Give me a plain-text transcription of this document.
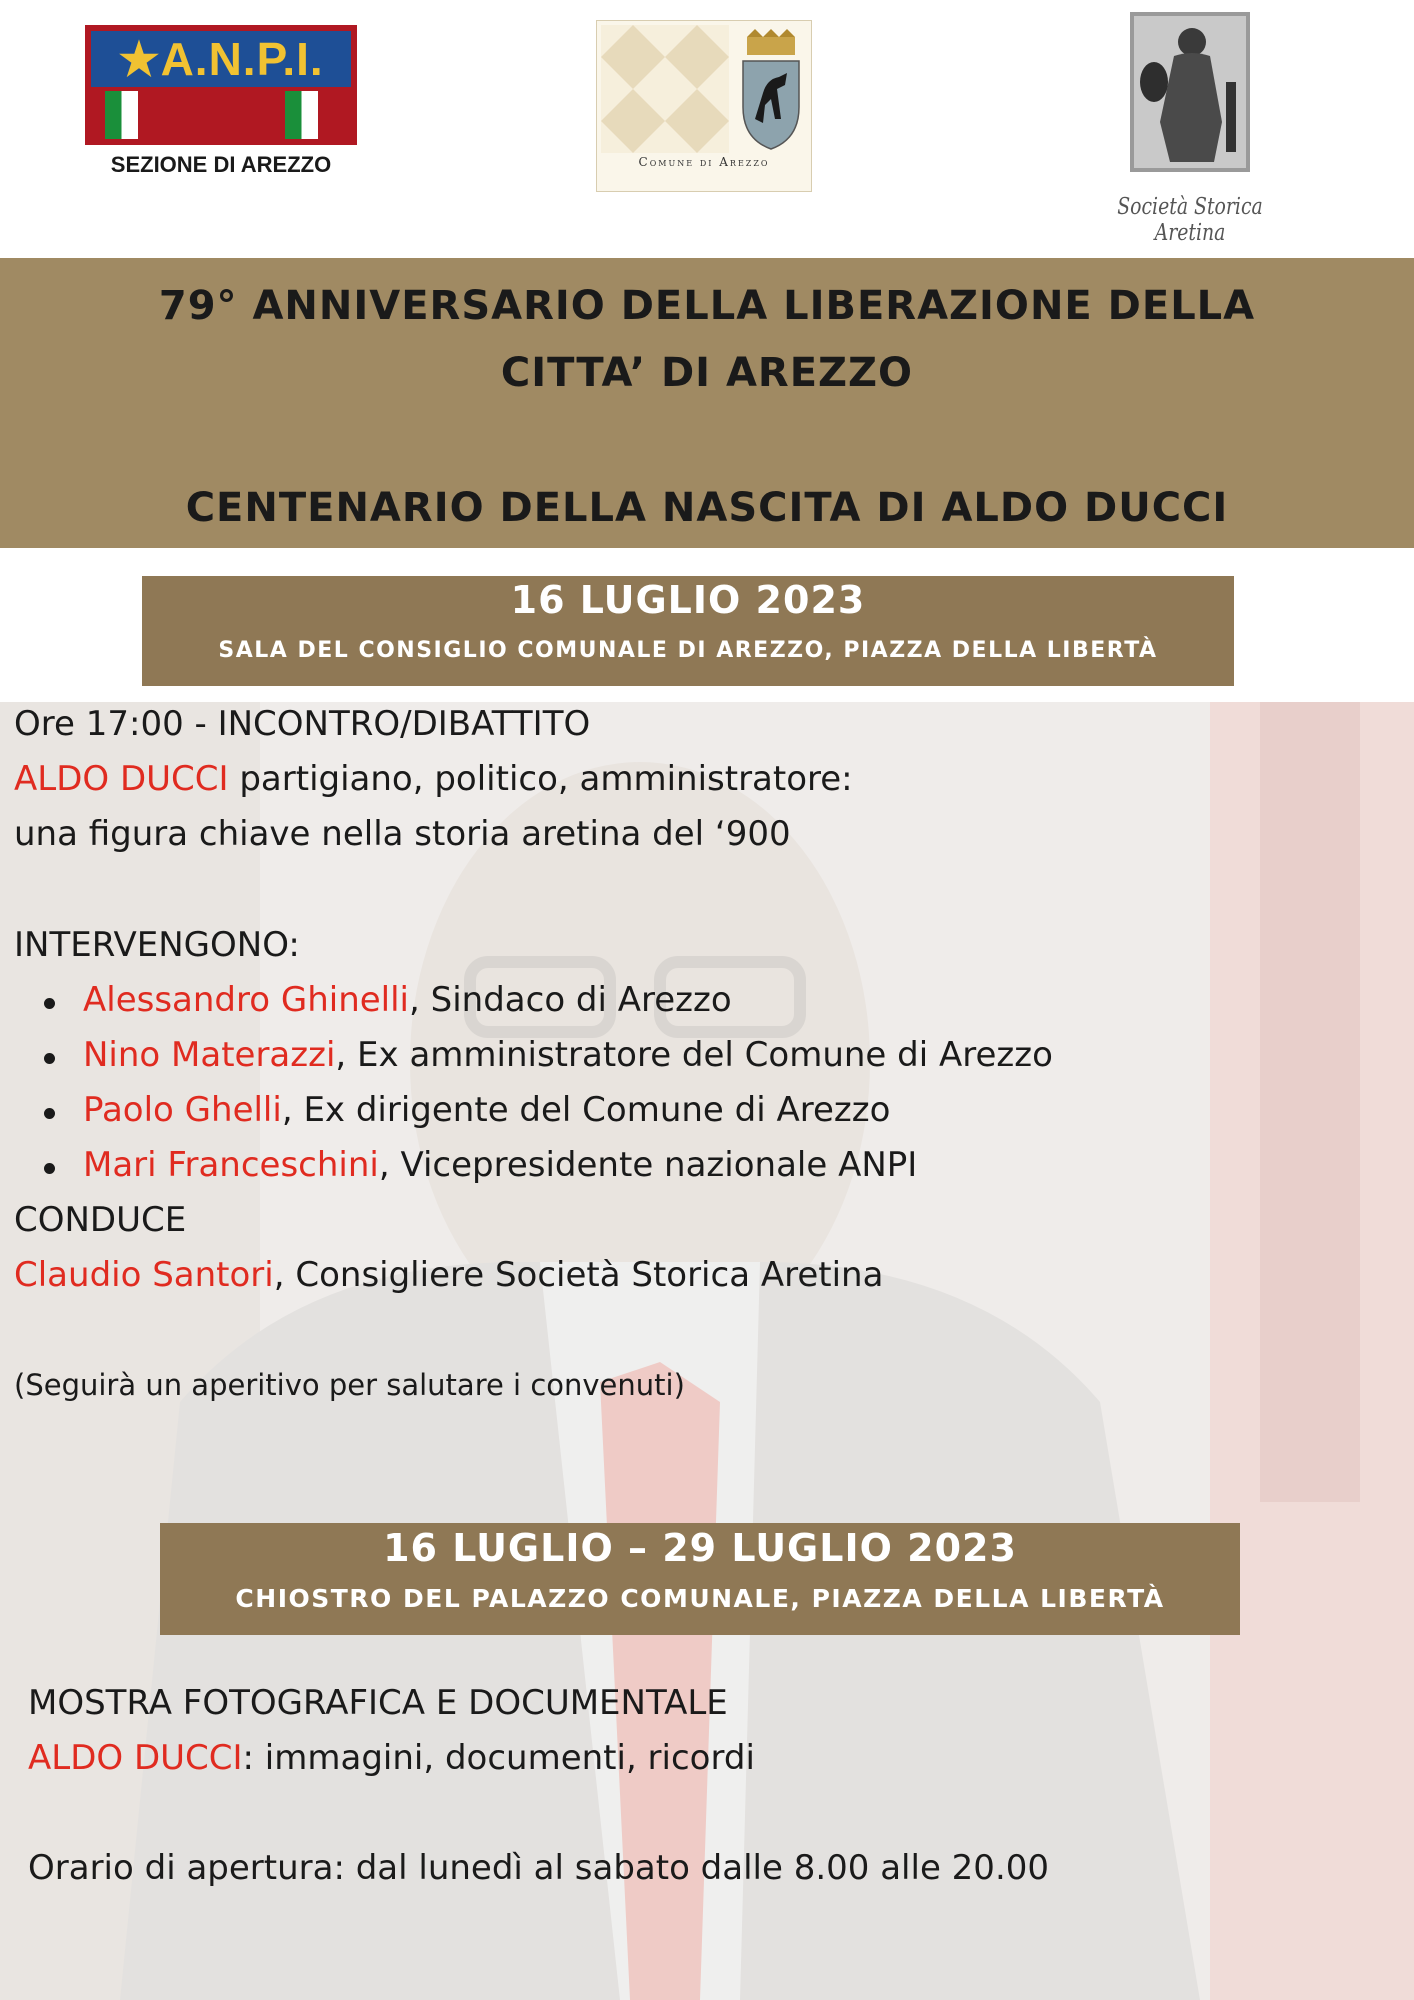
★A.N.P.I.
SEZIONE DI AREZZO	Comune di Arezzo
Società Storica Aretina
79° ANNIVERSARIO DELLA LIBERAZIONE DELLA
CITTA’ DI AREZZO
CENTENARIO DELLA NASCITA DI ALDO DUCCI
16 LUGLIO 2023
SALA DEL CONSIGLIO COMUNALE DI AREZZO, PIAZZA DELLA LIBERTÀ
Ore 17:00 - INCONTRO/DIBATTITO
ALDO DUCCI partigiano, politico, amministratore:
una figura chiave nella storia aretina del ‘900
INTERVENGONO:
Alessandro Ghinelli, Sindaco di Arezzo
Nino Materazzi, Ex amministratore del Comune di Arezzo
Paolo Ghelli, Ex dirigente del Comune di Arezzo
Mari Franceschini, Vicepresidente nazionale ANPI
CONDUCE
Claudio Santori, Consigliere Società Storica Aretina
(Seguirà un aperitivo per salutare i convenuti)
16 LUGLIO – 29 LUGLIO 2023
CHIOSTRO DEL PALAZZO COMUNALE, PIAZZA DELLA LIBERTÀ
MOSTRA FOTOGRAFICA E DOCUMENTALE
ALDO DUCCI: immagini, documenti, ricordi
Orario di apertura: dal lunedì al sabato dalle 8.00 alle 20.00
